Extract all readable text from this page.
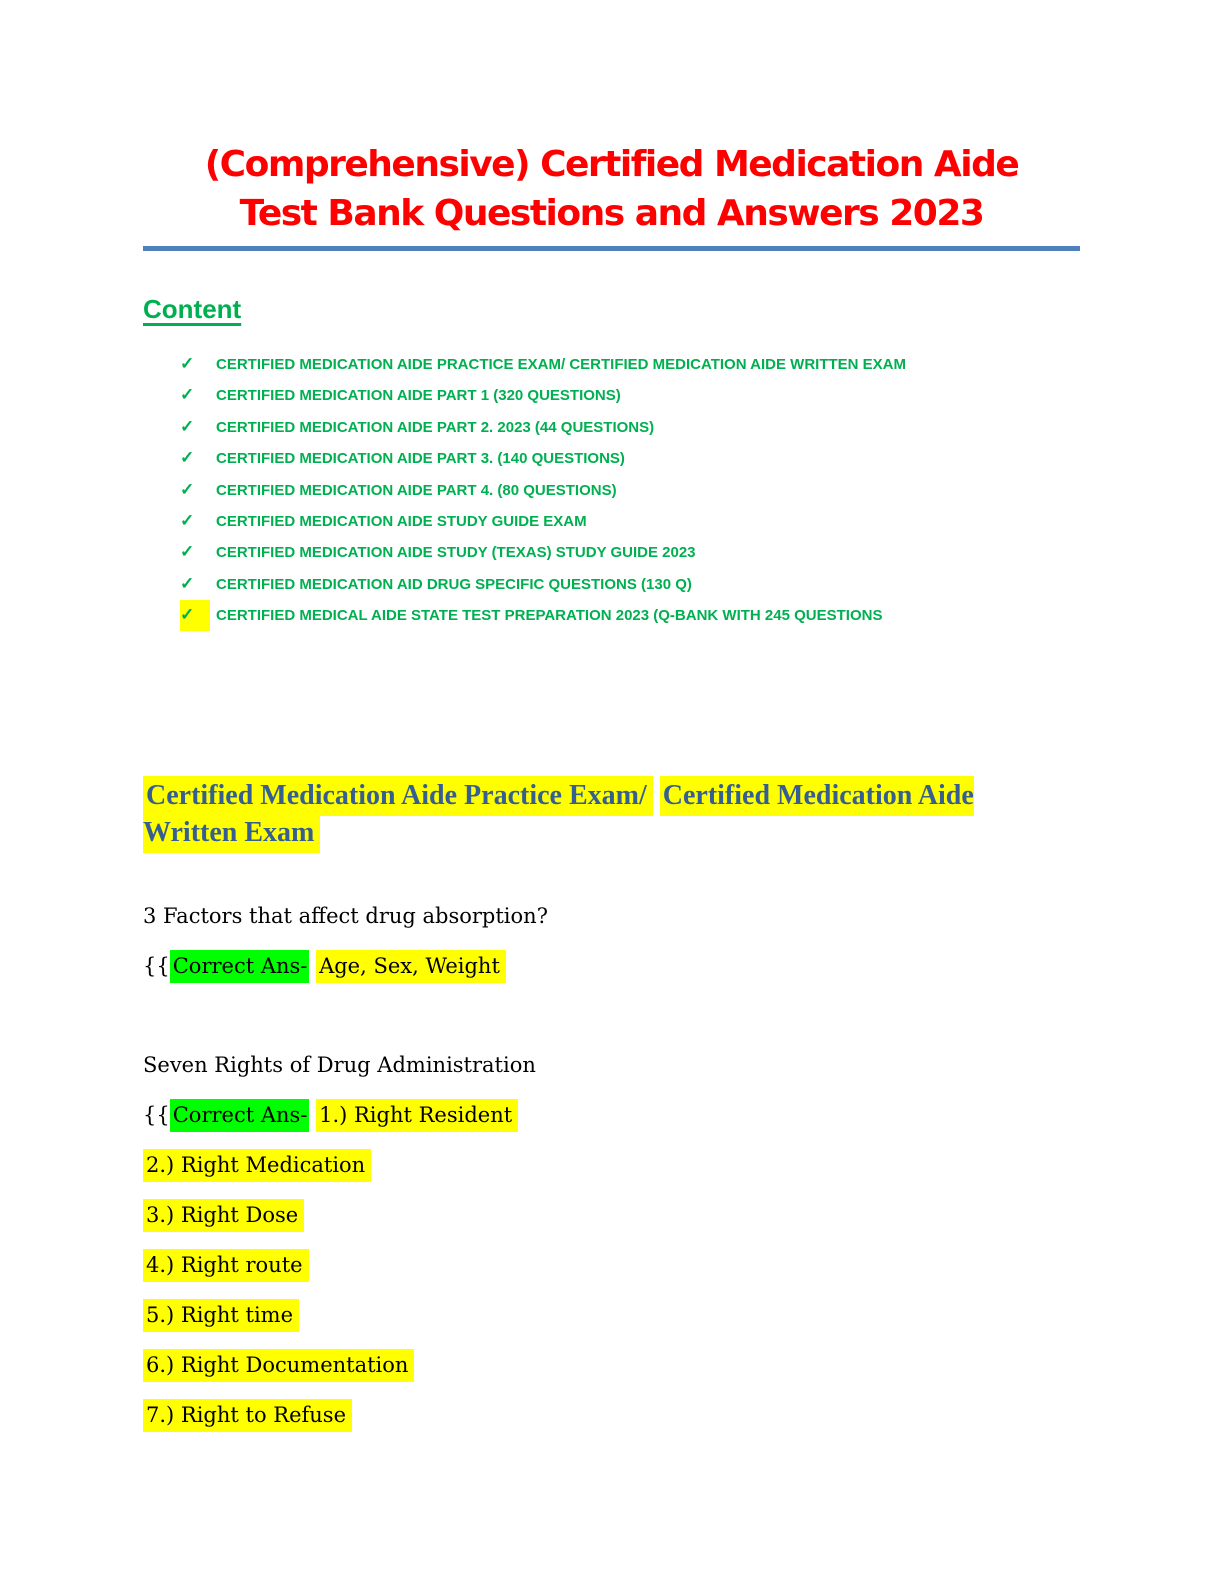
(Comprehensive) Certified Medication Aide
Test Bank Questions and Answers 2023
Content
✓	CERTIFIED MEDICATION AIDE PRACTICE EXAM/ CERTIFIED MEDICATION AIDE WRITTEN EXAM
✓	CERTIFIED MEDICATION AIDE PART 1 (320 QUESTIONS)
✓	CERTIFIED MEDICATION AIDE PART 2. 2023 (44 QUESTIONS)
✓	CERTIFIED MEDICATION AIDE PART 3. (140 QUESTIONS)
✓	CERTIFIED MEDICATION AIDE PART 4. (80 QUESTIONS)
✓	CERTIFIED MEDICATION AIDE STUDY GUIDE EXAM
✓	CERTIFIED MEDICATION AIDE STUDY (TEXAS) STUDY GUIDE 2023
✓	CERTIFIED MEDICATION AID DRUG SPECIFIC QUESTIONS (130 Q)
✓	CERTIFIED MEDICAL AIDE STATE TEST PREPARATION 2023 (Q-BANK WITH 245 QUESTIONS
Certified Medication Aide Practice Exam/ Certified Medication Aide Written Exam

3 Factors that affect drug absorption?

{{ Correct Ans- Age, Sex, Weight

Seven Rights of Drug Administration

{{ Correct Ans- 1.) Right Resident

2.) Right Medication

3.) Right Dose

4.) Right route

5.) Right time

6.) Right Documentation

7.) Right to Refuse
